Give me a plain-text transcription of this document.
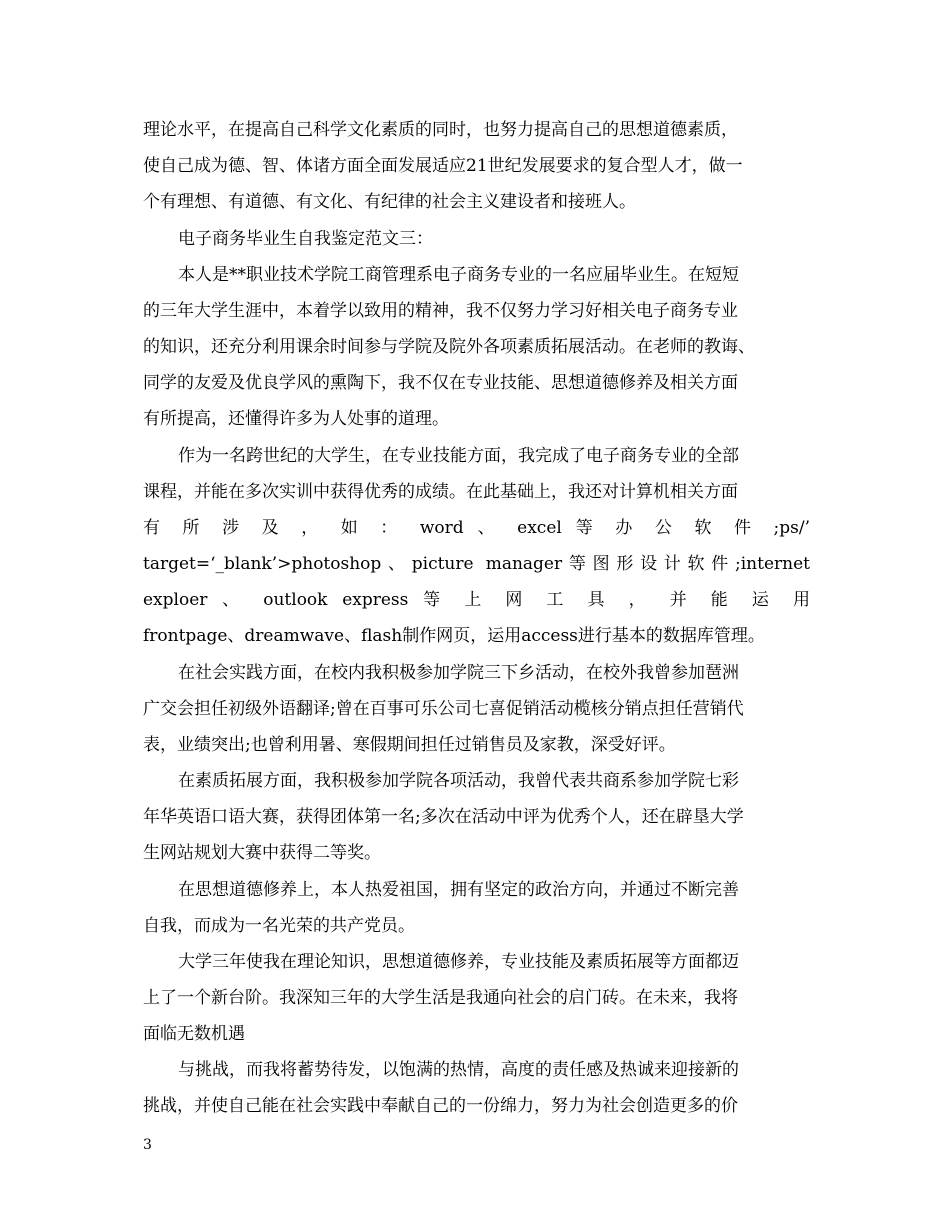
理论水平，在提高自己科学文化素质的同时，也努力提高自己的思想道德素质，
使自己成为德、智、体诸方面全面发展适应21世纪发展要求的复合型人才，做一
个有理想、有道德、有文化、有纪律的社会主义建设者和接班人。
电子商务毕业生自我鉴定范文三：
本人是**职业技术学院工商管理系电子商务专业的一名应届毕业生。在短短
的三年大学生涯中，本着学以致用的精神，我不仅努力学习好相关电子商务专业
的知识，还充分利用课余时间参与学院及院外各项素质拓展活动。在老师的教诲、
同学的友爱及优良学风的熏陶下，我不仅在专业技能、思想道德修养及相关方面
有所提高，还懂得许多为人处事的道理。
作为一名跨世纪的大学生，在专业技能方面，我完成了电子商务专业的全部
课程，并能在多次实训中获得优秀的成绩。在此基础上，我还对计算机相关方面
有 所 涉 及 ， 如 ： word 、 excel 等 办 公 软 件 ;ps/’
target=‘_blank’>photoshop、picture manager等图形设计软件;internet
exploer 、 outlook express 等 上 网 工 具 ， 并 能 运 用
frontpage、dreamwave、flash制作网页，运用access进行基本的数据库管理。
在社会实践方面，在校内我积极参加学院三下乡活动，在校外我曾参加琶洲
广交会担任初级外语翻译;曾在百事可乐公司七喜促销活动榄核分销点担任营销代
表，业绩突出;也曾利用暑、寒假期间担任过销售员及家教，深受好评。
在素质拓展方面，我积极参加学院各项活动，我曾代表共商系参加学院七彩
年华英语口语大赛，获得团体第一名;多次在活动中评为优秀个人，还在辟垦大学
生网站规划大赛中获得二等奖。
在思想道德修养上，本人热爱祖国，拥有坚定的政治方向，并通过不断完善
自我，而成为一名光荣的共产党员。
大学三年使我在理论知识，思想道德修养，专业技能及素质拓展等方面都迈
上了一个新台阶。我深知三年的大学生活是我通向社会的启门砖。在未来，我将
面临无数机遇
与挑战，而我将蓄势待发，以饱满的热情，高度的责任感及热诚来迎接新的
挑战，并使自己能在社会实践中奉献自己的一份绵力，努力为社会创造更多的价
3
